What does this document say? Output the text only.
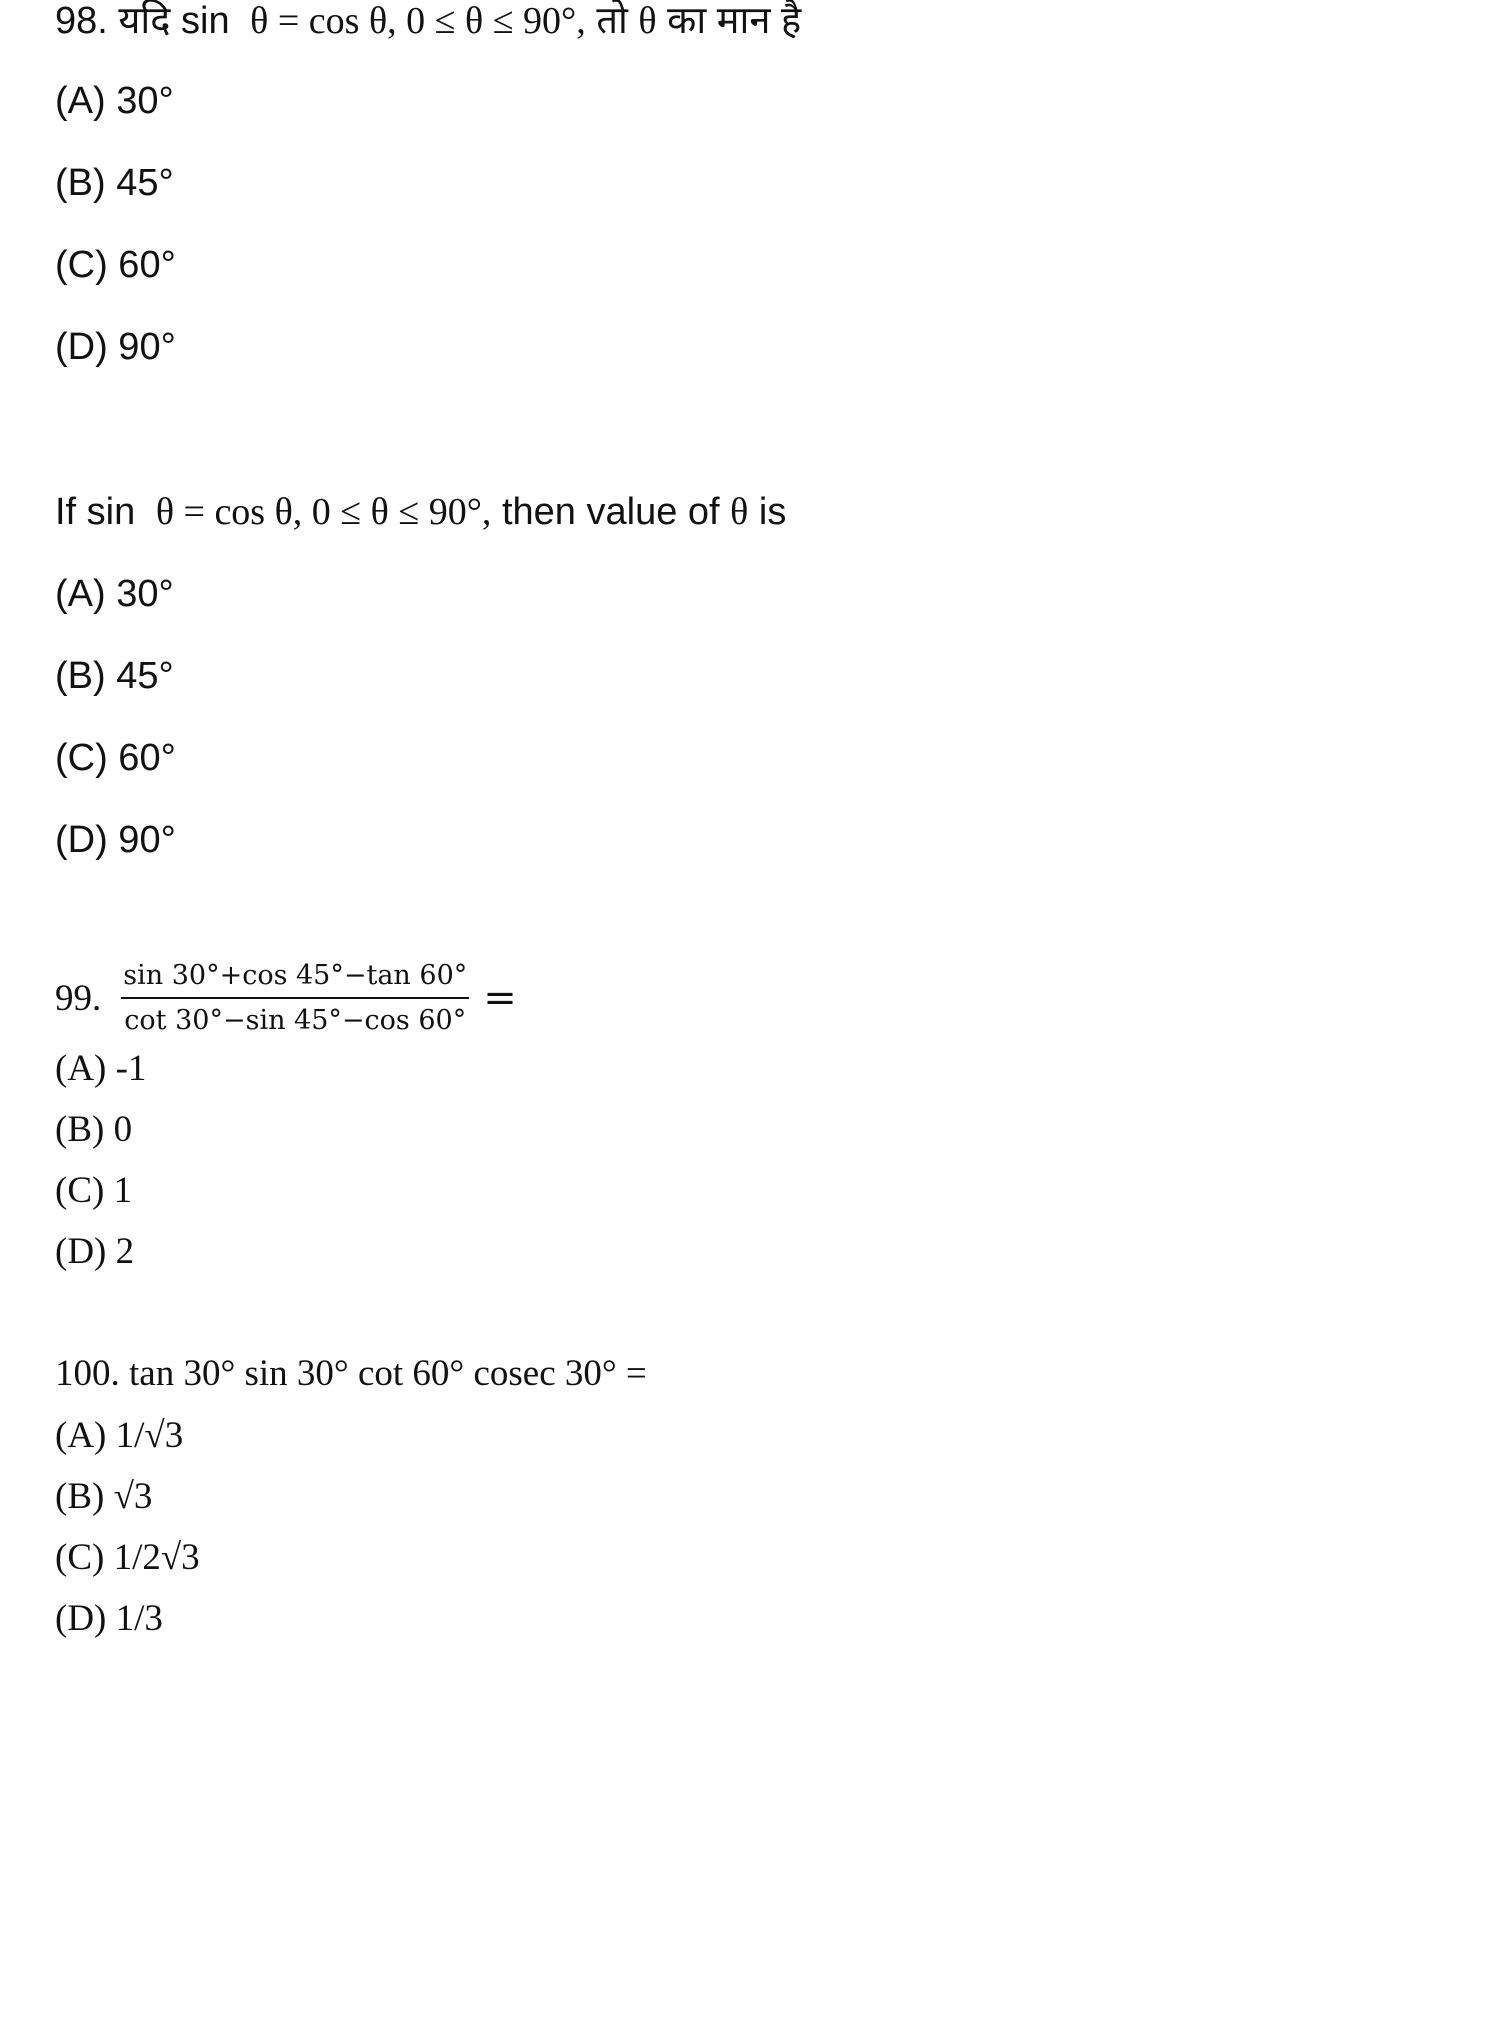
98. यदि sin θ = cos θ, 0 ≤ θ ≤ 90°, तो θ का मान है
(A) 30°
(B) 45°
(C) 60°
(D) 90°
If sin θ = cos θ, 0 ≤ θ ≤ 90°, then value of θ is
(A) 30°
(B) 45°
(C) 60°
(D) 90°
99. $\frac{\sin 30^\circ+\cos 45^\circ-\tan 60^\circ}{\cot 30^\circ-\sin 45^\circ-\cos 60^\circ}$ =
(A) -1
(B) 0
(C) 1
(D) 2
100. tan 30° sin 30° cot 60° cosec 30° =
(A) 1/√3
(B) √3
(C) 1/2√3
(D) 1/3
